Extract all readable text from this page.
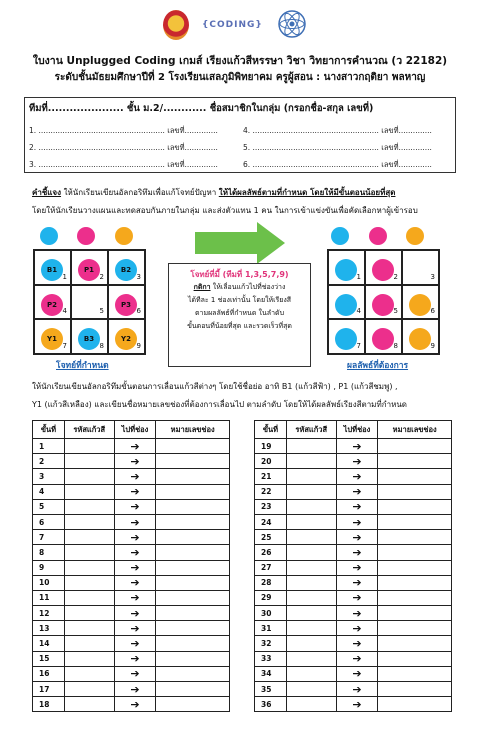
{CODING}
ใบงาน Unplugged Coding เกมส์ เรียงแก้วสีหรรษา วิชา วิทยาการคำนวณ (ว 22182)
ระดับชั้นมัธยมศึกษาปีที่ 2 โรงเรียนเสลภูมิพิทยาคม ครูผู้สอน : นางสาวกฤติยา พลหาญ
ทีมที่..................... ชั้น ม.2/............ ชื่อสมาชิกในกลุ่ม (กรอกชื่อ-สกุล เลขที่)
1. ..................................................... เลขที่..............
2. ..................................................... เลขที่..............
3. ..................................................... เลขที่..............
4. ..................................................... เลขที่..............
5. ..................................................... เลขที่..............
6. ..................................................... เลขที่..............
คำชี้แจง ให้นักเรียนเขียนอัลกอริทึมเพื่อแก้โจทย์ปัญหา ให้ได้ผลลัพธ์ตามที่กำหนด โดยให้มีขั้นตอนน้อยที่สุด
โดยให้นักเรียนวางแผนและทดสอบกันภายในกลุ่ม และส่งตัวแทน 1 คน ในการเข้าแข่งขันเพื่อคัดเลือกหาผู้เข้ารอบ
B1
1
P1
2
B2
3
P2
4	5
P3
6
Y1
7
B3
8
Y2
9
โจทย์ที่กำหนด
โจทย์ที่มี้ (ทีมที่ 1,3,5,7,9)
กติกา ให้เลื่อนแก้วไปที่ช่องว่าง
ได้ทีละ 1 ช่องเท่านั้น โดยให้เรียงสี
ตามผลลัพธ์ที่กำหนด ในลำดับ
ขั้นตอนที่น้อยที่สุด และรวดเร็วที่สุด
1	2	3
4	5	6
7	8	9
ผลลัพธ์ที่ต้องการ
ให้นักเรียนเขียนอัลกอริทึมขั้นตอนการเลื่อนแก้วสีต่างๆ โดยใช้ชื่อย่อ อาทิ B1 (แก้วสีฟ้า) , P1 (แก้วสีชมพู) ,
Y1 (แก้วสีเหลือง) และเขียนชื่อหมายเลขช่องที่ต้องการเลื่อนไป ตามลำดับ โดยให้ได้ผลลัพธ์เรียงสีตามที่กำหนด
ขั้นที่	รหัสแก้วสี	ไปที่ช่อง	หมายเลขช่อง
1		➔	
2		➔	
3		➔	
4		➔	
5		➔	
6		➔	
7		➔	
8		➔	
9		➔	
10		➔	
11		➔	
12		➔	
13		➔	
14		➔	
15		➔	
16		➔	
17		➔	
18		➔	
ขั้นที่	รหัสแก้วสี	ไปที่ช่อง	หมายเลขช่อง
19		➔	
20		➔	
21		➔	
22		➔	
23		➔	
24		➔	
25		➔	
26		➔	
27		➔	
28		➔	
29		➔	
30		➔	
31		➔	
32		➔	
33		➔	
34		➔	
35		➔	
36		➔	
